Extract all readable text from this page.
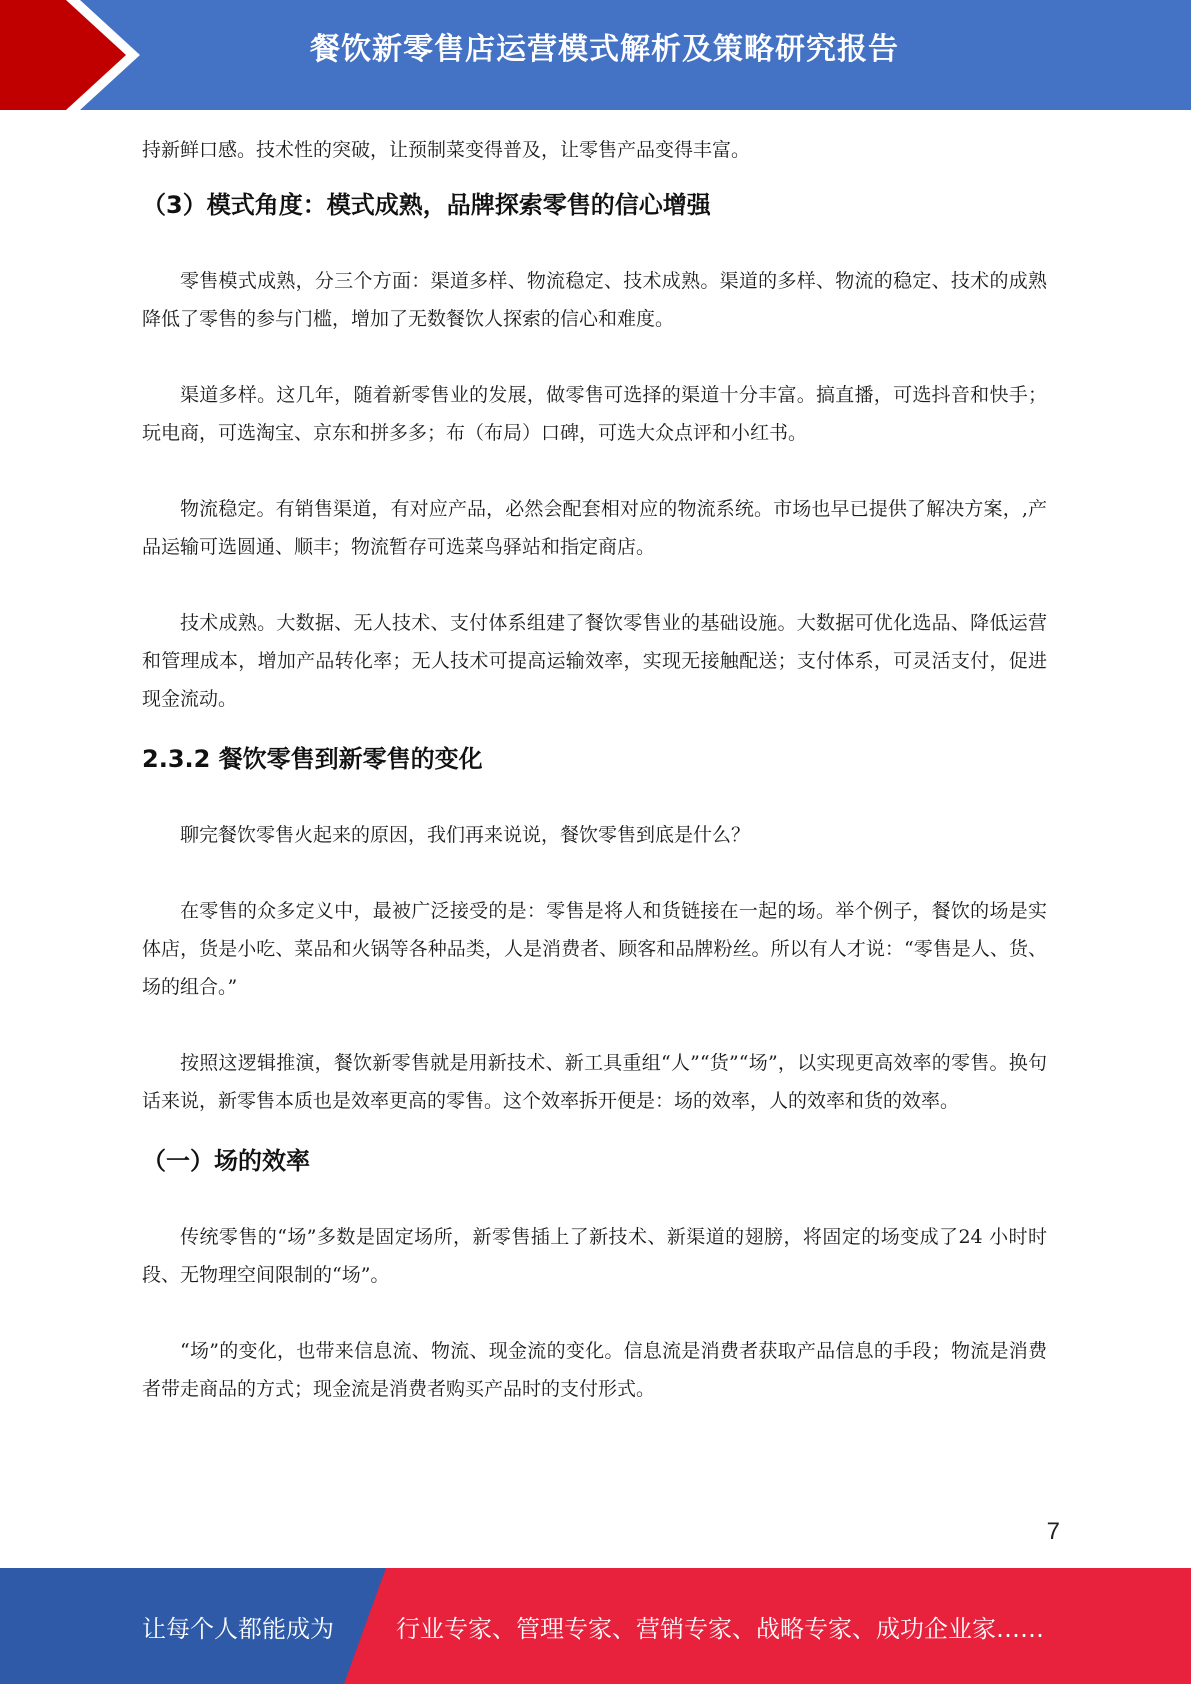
餐饮新零售店运营模式解析及策略研究报告

持新鲜口感。技术性的突破，让预制菜变得普及，让零售产品变得丰富。

（3）模式角度：模式成熟，品牌探索零售的信心增强

零售模式成熟，分三个方面：渠道多样、物流稳定、技术成熟。渠道的多样、物流的稳定、技术的成熟降低了零售的参与门槛，增加了无数餐饮人探索的信心和难度。

渠道多样。这几年，随着新零售业的发展，做零售可选择的渠道十分丰富。搞直播，可选抖音和快手；玩电商，可选淘宝、京东和拼多多；布（布局）口碑，可选大众点评和小红书。

物流稳定。有销售渠道，有对应产品，必然会配套相对应的物流系统。市场也早已提供了解决方案，,产品运输可选圆通、顺丰；物流暂存可选菜鸟驿站和指定商店。

技术成熟。大数据、无人技术、支付体系组建了餐饮零售业的基础设施。大数据可优化选品、降低运营和管理成本，增加产品转化率；无人技术可提高运输效率，实现无接触配送；支付体系，可灵活支付，促进现金流动。

2.3.2 餐饮零售到新零售的变化

聊完餐饮零售火起来的原因，我们再来说说，餐饮零售到底是什么？

在零售的众多定义中，最被广泛接受的是：零售是将人和货链接在一起的场。举个例子，餐饮的场是实体店，货是小吃、菜品和火锅等各种品类，人是消费者、顾客和品牌粉丝。所以有人才说：“零售是人、货、场的组合。”

按照这逻辑推演，餐饮新零售就是用新技术、新工具重组“人”“货”“场”，以实现更高效率的零售。换句话来说，新零售本质也是效率更高的零售。这个效率拆开便是：场的效率，人的效率和货的效率。

（一）场的效率

传统零售的“场”多数是固定场所，新零售插上了新技术、新渠道的翅膀，将固定的场变成了24 小时时段、无物理空间限制的“场”。

“场”的变化，也带来信息流、物流、现金流的变化。信息流是消费者获取产品信息的手段；物流是消费者带走商品的方式；现金流是消费者购买产品时的支付形式。

7
让每个人都能成为	行业专家、管理专家、营销专家、战略专家、成功企业家……
